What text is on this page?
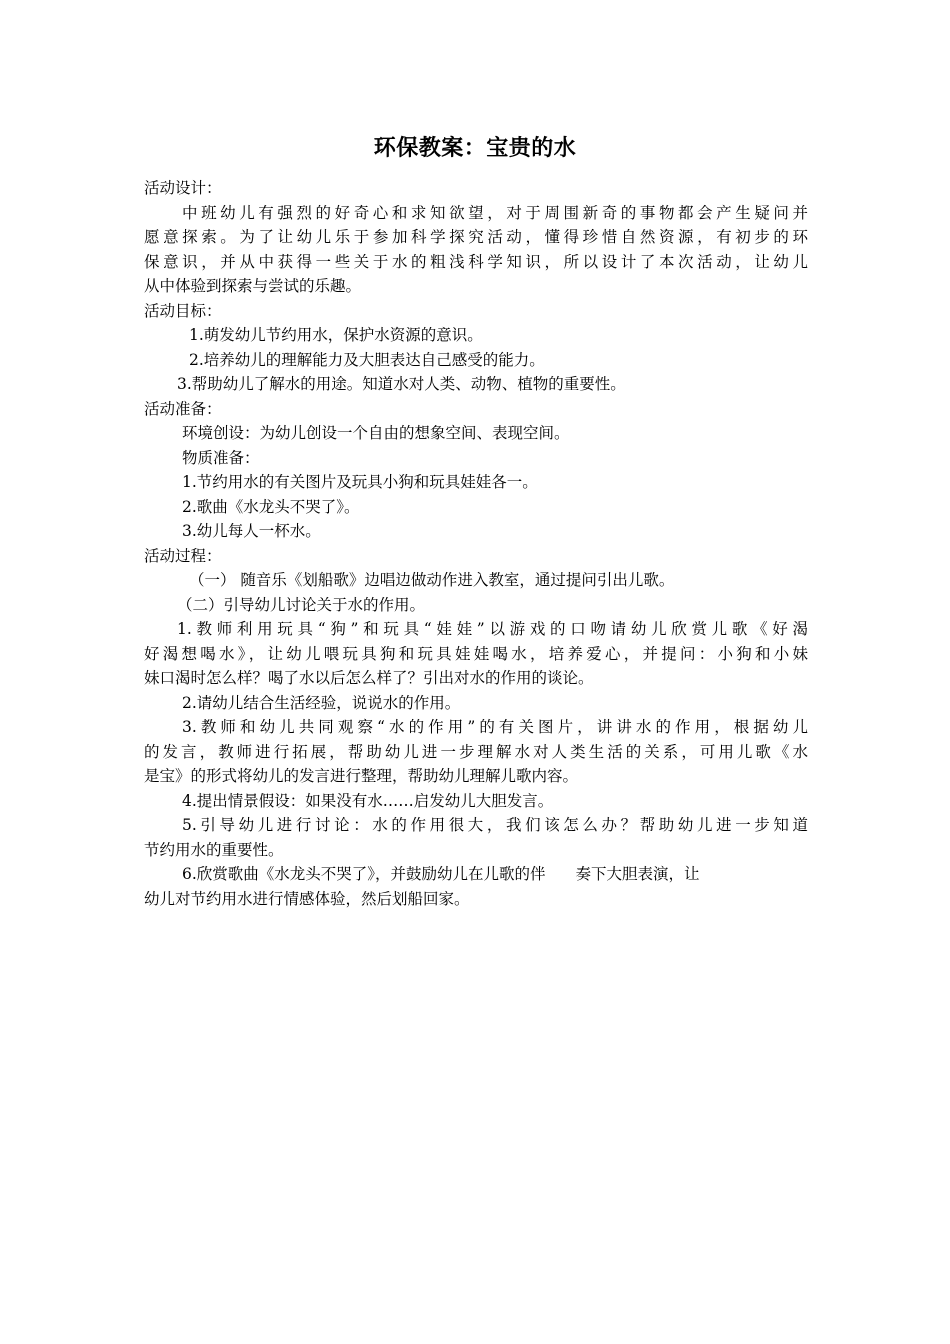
环保教案：宝贵的水
活动设计：
中班幼儿有强烈的好奇心和求知欲望，对于周围新奇的事物都会产生疑问并
愿意探索。为了让幼儿乐于参加科学探究活动，懂得珍惜自然资源，有初步的环
保意识，并从中获得一些关于水的粗浅科学知识，所以设计了本次活动，让幼儿
从中体验到探索与尝试的乐趣。
活动目标：
1.萌发幼儿节约用水，保护水资源的意识。
2.培养幼儿的理解能力及大胆表达自己感受的能力。
3.帮助幼儿了解水的用途。知道水对人类、动物、植物的重要性。
活动准备：
环境创设：为幼儿创设一个自由的想象空间、表现空间。
物质准备：
1.节约用水的有关图片及玩具小狗和玩具娃娃各一。
2.歌曲《水龙头不哭了》。
3.幼儿每人一杯水。
活动过程：
（一） 随音乐《划船歌》边唱边做动作进入教室，通过提问引出儿歌。
（二）引导幼儿讨论关于水的作用。
1.教师利用玩具“狗”和玩具“娃娃”以游戏的口吻请幼儿欣赏儿歌《好渴
好渴想喝水》，让幼儿喂玩具狗和玩具娃娃喝水，培养爱心，并提问：小狗和小妹
妹口渴时怎么样？喝了水以后怎么样了？引出对水的作用的谈论。
2.请幼儿结合生活经验，说说水的作用。
3.教师和幼儿共同观察“水的作用”的有关图片，讲讲水的作用，根据幼儿
的发言，教师进行拓展，帮助幼儿进一步理解水对人类生活的关系，可用儿歌《水
是宝》的形式将幼儿的发言进行整理，帮助幼儿理解儿歌内容。
4.提出情景假设：如果没有水……启发幼儿大胆发言。
5.引导幼儿进行讨论：水的作用很大，我们该怎么办？帮助幼儿进一步知道
节约用水的重要性。
6.欣赏歌曲《水龙头不哭了》，并鼓励幼儿在儿歌的伴 奏下大胆表演，让
幼儿对节约用水进行情感体验，然后划船回家。
